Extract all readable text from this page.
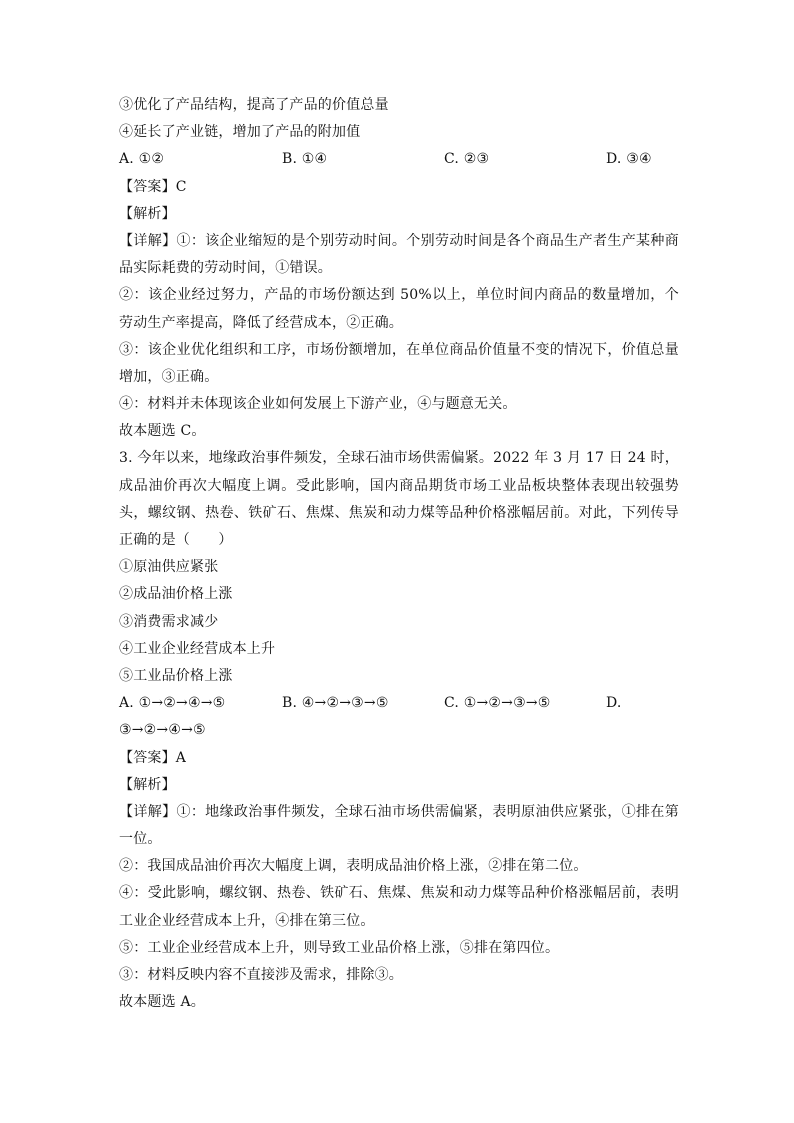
③优化了产品结构，提高了产品的价值总量
④延长了产业链，增加了产品的附加值
A. ①②	B. ①④	C. ②③	D. ③④
【答案】C
【解析】
【详解】①：该企业缩短的是个别劳动时间。个别劳动时间是各个商品生产者生产某种商
品实际耗费的劳动时间，①错误。
②：该企业经过努力，产品的市场份额达到 50%以上，单位时间内商品的数量增加，个
劳动生产率提高，降低了经营成本，②正确。
③：该企业优化组织和工序，市场份额增加，在单位商品价值量不变的情况下，价值总量
增加，③正确。
④：材料并未体现该企业如何发展上下游产业，④与题意无关。
故本题选 C。
3. 今年以来，地缘政治事件频发，全球石油市场供需偏紧。2022 年 3 月 17 日 24 时，
成品油价再次大幅度上调。受此影响，国内商品期货市场工业品板块整体表现出较强势
头，螺纹钢、热卷、铁矿石、焦煤、焦炭和动力煤等品种价格涨幅居前。对此，下列传导
正确的是（　　）
①原油供应紧张
②成品油价格上涨
③消费需求减少
④工业企业经营成本上升
⑤工业品价格上涨
A. ①→②→④→⑤	B. ④→②→③→⑤	C. ①→②→③→⑤	D.
③→②→④→⑤
【答案】A
【解析】
【详解】①：地缘政治事件频发，全球石油市场供需偏紧，表明原油供应紧张，①排在第
一位。
②：我国成品油价再次大幅度上调，表明成品油价格上涨，②排在第二位。
④：受此影响，螺纹钢、热卷、铁矿石、焦煤、焦炭和动力煤等品种价格涨幅居前，表明
工业企业经营成本上升，④排在第三位。
⑤：工业企业经营成本上升，则导致工业品价格上涨，⑤排在第四位。
③：材料反映内容不直接涉及需求，排除③。
故本题选 A。
